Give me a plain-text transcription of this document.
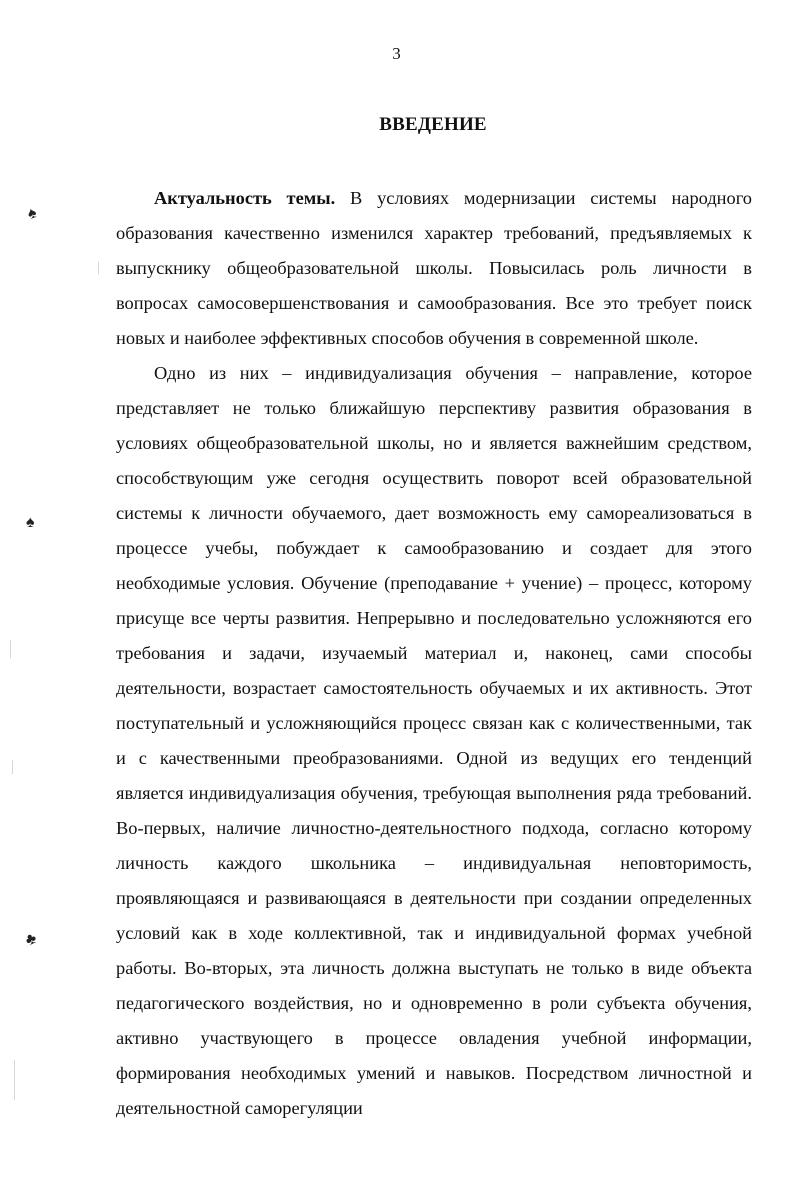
3
ВВЕДЕНИЕ
♠
♠
♣

Актуальность темы. В условиях модернизации системы народного образования качественно изменился характер требований, предъявляемых к выпускнику общеобразовательной школы. Повысилась роль личности в вопросах самосовершенствования и самообразования. Все это требует поиск новых и наиболее эффективных способов обучения в современной школе.

Одно из них – индивидуализация обучения – направление, которое представляет не только ближайшую перспективу развития образования в условиях общеобразовательной школы, но и является важнейшим средством, способствующим уже сегодня осуществить поворот всей образовательной системы к личности обучаемого, дает возможность ему самореализоваться в процессе учебы, побуждает к самообразованию и создает для этого необходимые условия. Обучение (преподавание + учение) – процесс, которому присуще все черты развития. Непрерывно и последовательно усложняются его требования и задачи, изучаемый материал и, наконец, сами способы деятельности, возрастает самостоятельность обучаемых и их активность. Этот поступательный и усложняющийся процесс связан как с количественными, так и с качественными преобразованиями. Одной из ведущих его тенденций является индивидуализация обучения, требующая выполнения ряда требований. Во-первых, наличие личностно-деятельностного подхода, согласно которому личность каждого школьника – индивидуальная неповторимость, проявляющаяся и развивающаяся в деятельности при создании определенных условий как в ходе коллективной, так и индивидуальной формах учебной работы. Во-вторых, эта личность должна выступать не только в виде объекта педагогического воздействия, но и одновременно в роли субъекта обучения, активно участвующего в процессе овладения учебной информации, формирования необходимых умений и навыков. Посредством личностной и деятельностной саморегуляции
